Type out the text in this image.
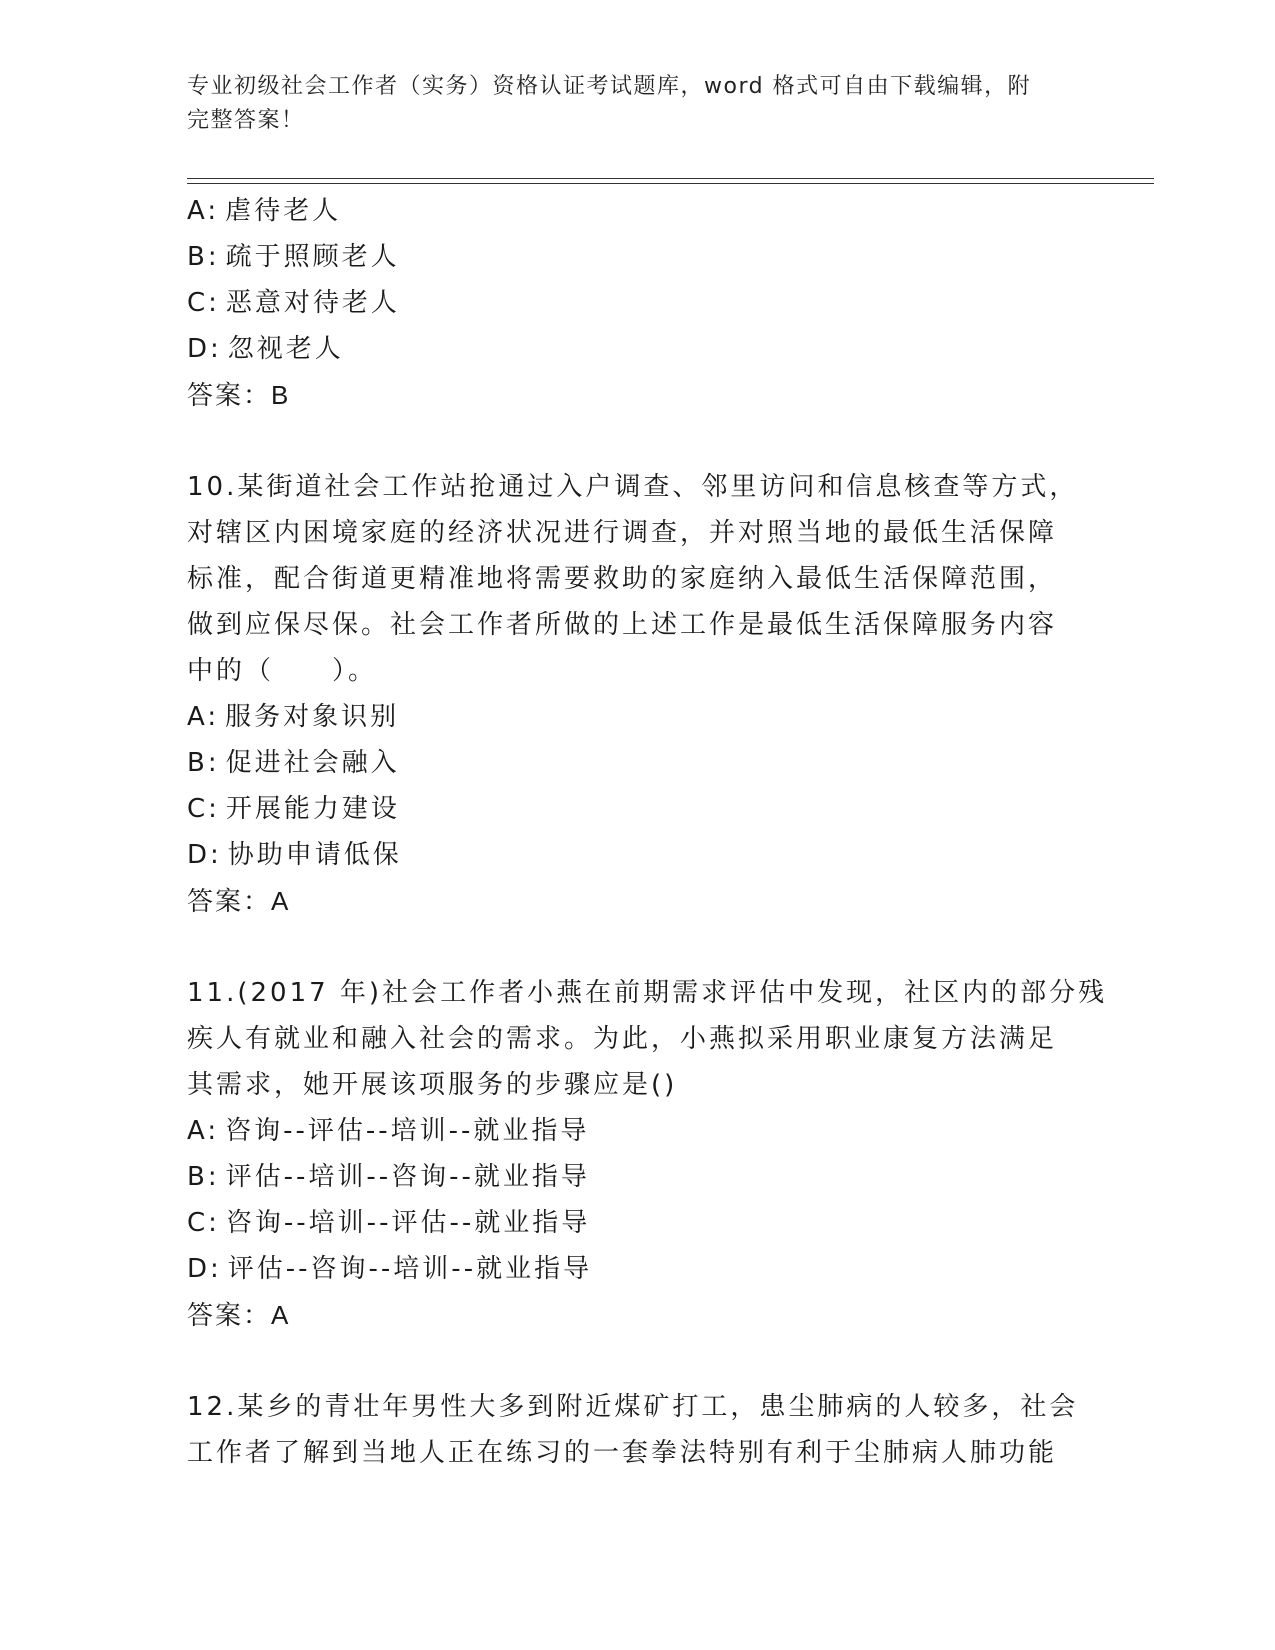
专业初级社会工作者（实务）资格认证考试题库，word 格式可自由下载编辑，附
完整答案！
A: 虐待老人
B: 疏于照顾老人
C: 恶意对待老人
D: 忽视老人
答案：B
10.某街道社会工作站抢通过入户调查、邻里访问和信息核查等方式，
对辖区内困境家庭的经济状况进行调查，并对照当地的最低生活保障
标准，配合街道更精准地将需要救助的家庭纳入最低生活保障范围，
做到应保尽保。社会工作者所做的上述工作是最低生活保障服务内容
中的（　　）。
A: 服务对象识别
B: 促进社会融入
C: 开展能力建设
D: 协助申请低保
答案：A
11.(2017 年)社会工作者小燕在前期需求评估中发现，社区内的部分残
疾人有就业和融入社会的需求。为此，小燕拟采用职业康复方法满足
其需求，她开展该项服务的步骤应是()
A: 咨询--评估--培训--就业指导
B: 评估--培训--咨询--就业指导
C: 咨询--培训--评估--就业指导
D: 评估--咨询--培训--就业指导
答案：A
12.某乡的青壮年男性大多到附近煤矿打工，患尘肺病的人较多，社会
工作者了解到当地人正在练习的一套拳法特别有利于尘肺病人肺功能
